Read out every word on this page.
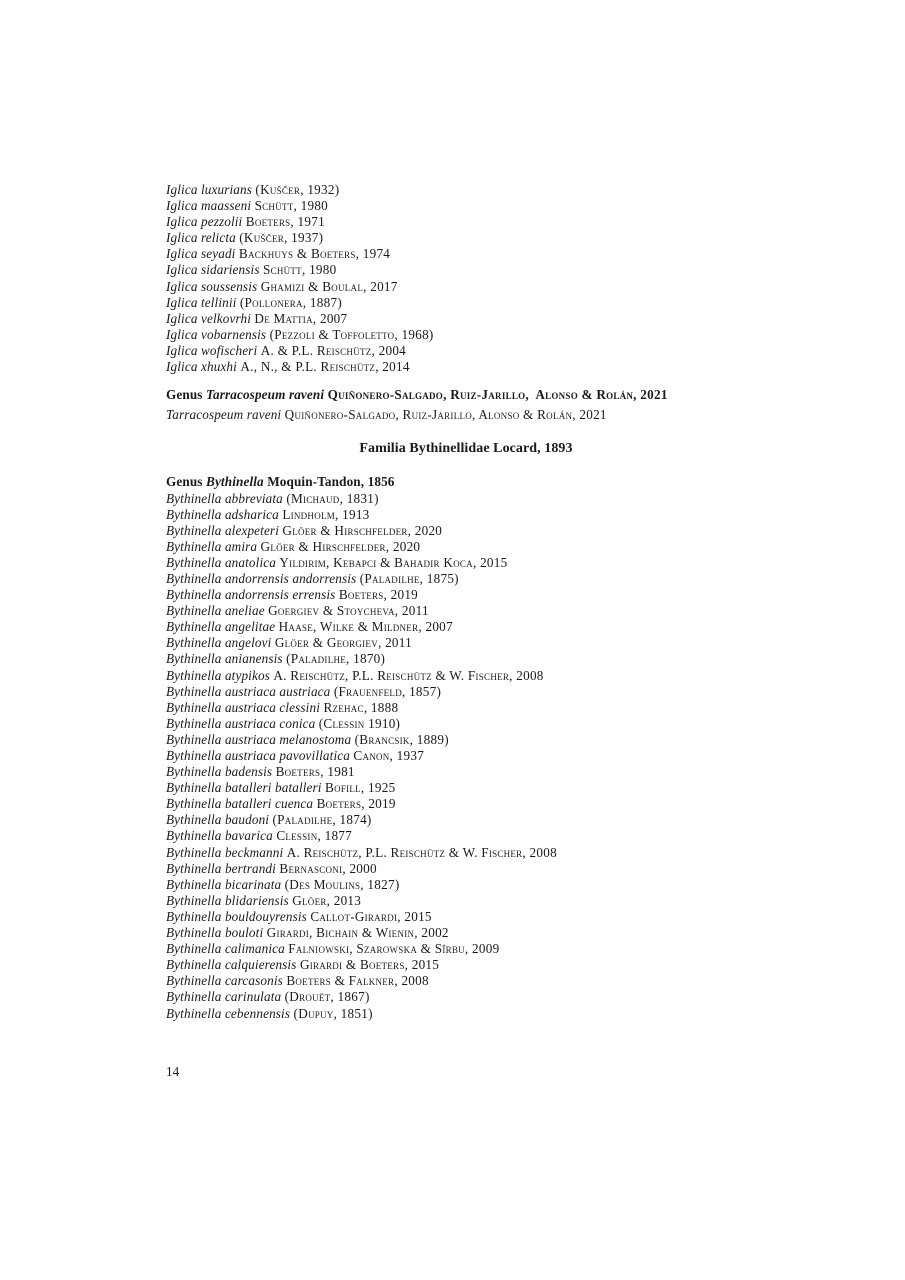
Iglica luxurians (Kuščer, 1932)
Iglica maasseni Schütt, 1980
Iglica pezzolii Boeters, 1971
Iglica relicta (Kuščer, 1937)
Iglica seyadi Backhuys & Boeters, 1974
Iglica sidariensis Schütt, 1980
Iglica soussensis Ghamizi & Boulal, 2017
Iglica tellinii (Pollonera, 1887)
Iglica velkovrhi De Mattia, 2007
Iglica vobarnensis (Pezzoli & Toffoletto, 1968)
Iglica wofischeri A. & P.L. Reischütz, 2004
Iglica xhuxhi A., N., & P.L. Reischütz, 2014
Genus Tarracospeum raveni Quiñonero-Salgado, Ruiz-Jarillo,  Alonso & Rolán, 2021
Tarracospeum raveni Quiñonero-Salgado, Ruiz-Jarillo, Alonso & Rolán, 2021
Familia Bythinellidae Locard, 1893
Genus Bythinella Moquin-Tandon, 1856
Bythinella abbreviata (Michaud, 1831)
Bythinella adsharica Lindholm, 1913
Bythinella alexpeteri Glöer & Hirschfelder, 2020
Bythinella amira Glöer & Hirschfelder, 2020
Bythinella anatolica Yildirim, Kebapci & Bahadir Koca, 2015
Bythinella andorrensis andorrensis (Paladilhe, 1875)
Bythinella andorrensis errensis Boeters, 2019
Bythinella aneliae Goergiev & Stoycheva, 2011
Bythinella angelitae Haase, Wilke & Mildner, 2007
Bythinella angelovi Glöer & Georgiev, 2011
Bythinella anianensis (Paladilhe, 1870)
Bythinella atypikos A. Reischütz, P.L. Reischütz & W. Fischer, 2008
Bythinella austriaca austriaca (Frauenfeld, 1857)
Bythinella austriaca clessini Rzehac, 1888
Bythinella austriaca conica (Clessin 1910)
Bythinella austriaca melanostoma (Brancsik, 1889)
Bythinella austriaca pavovillatica Canon, 1937
Bythinella badensis Boeters, 1981
Bythinella batalleri batalleri Bofill, 1925
Bythinella batalleri cuenca Boeters, 2019
Bythinella baudoni (Paladilhe, 1874)
Bythinella bavarica Clessin, 1877
Bythinella beckmanni A. Reischütz, P.L. Reischütz & W. Fischer, 2008
Bythinella bertrandi Bernasconi, 2000
Bythinella bicarinata (Des Moulins, 1827)
Bythinella blidariensis Glöer, 2013
Bythinella bouldouyrensis Callot-Girardi, 2015
Bythinella bouloti Girardi, Bichain & Wienin, 2002
Bythinella calimanica Falniowski, Szarowska & Sîrbu, 2009
Bythinella calquierensis Girardi & Boeters, 2015
Bythinella carcasonis Boeters & Falkner, 2008
Bythinella carinulata (Drouët, 1867)
Bythinella cebennensis (Dupuy, 1851)
14
